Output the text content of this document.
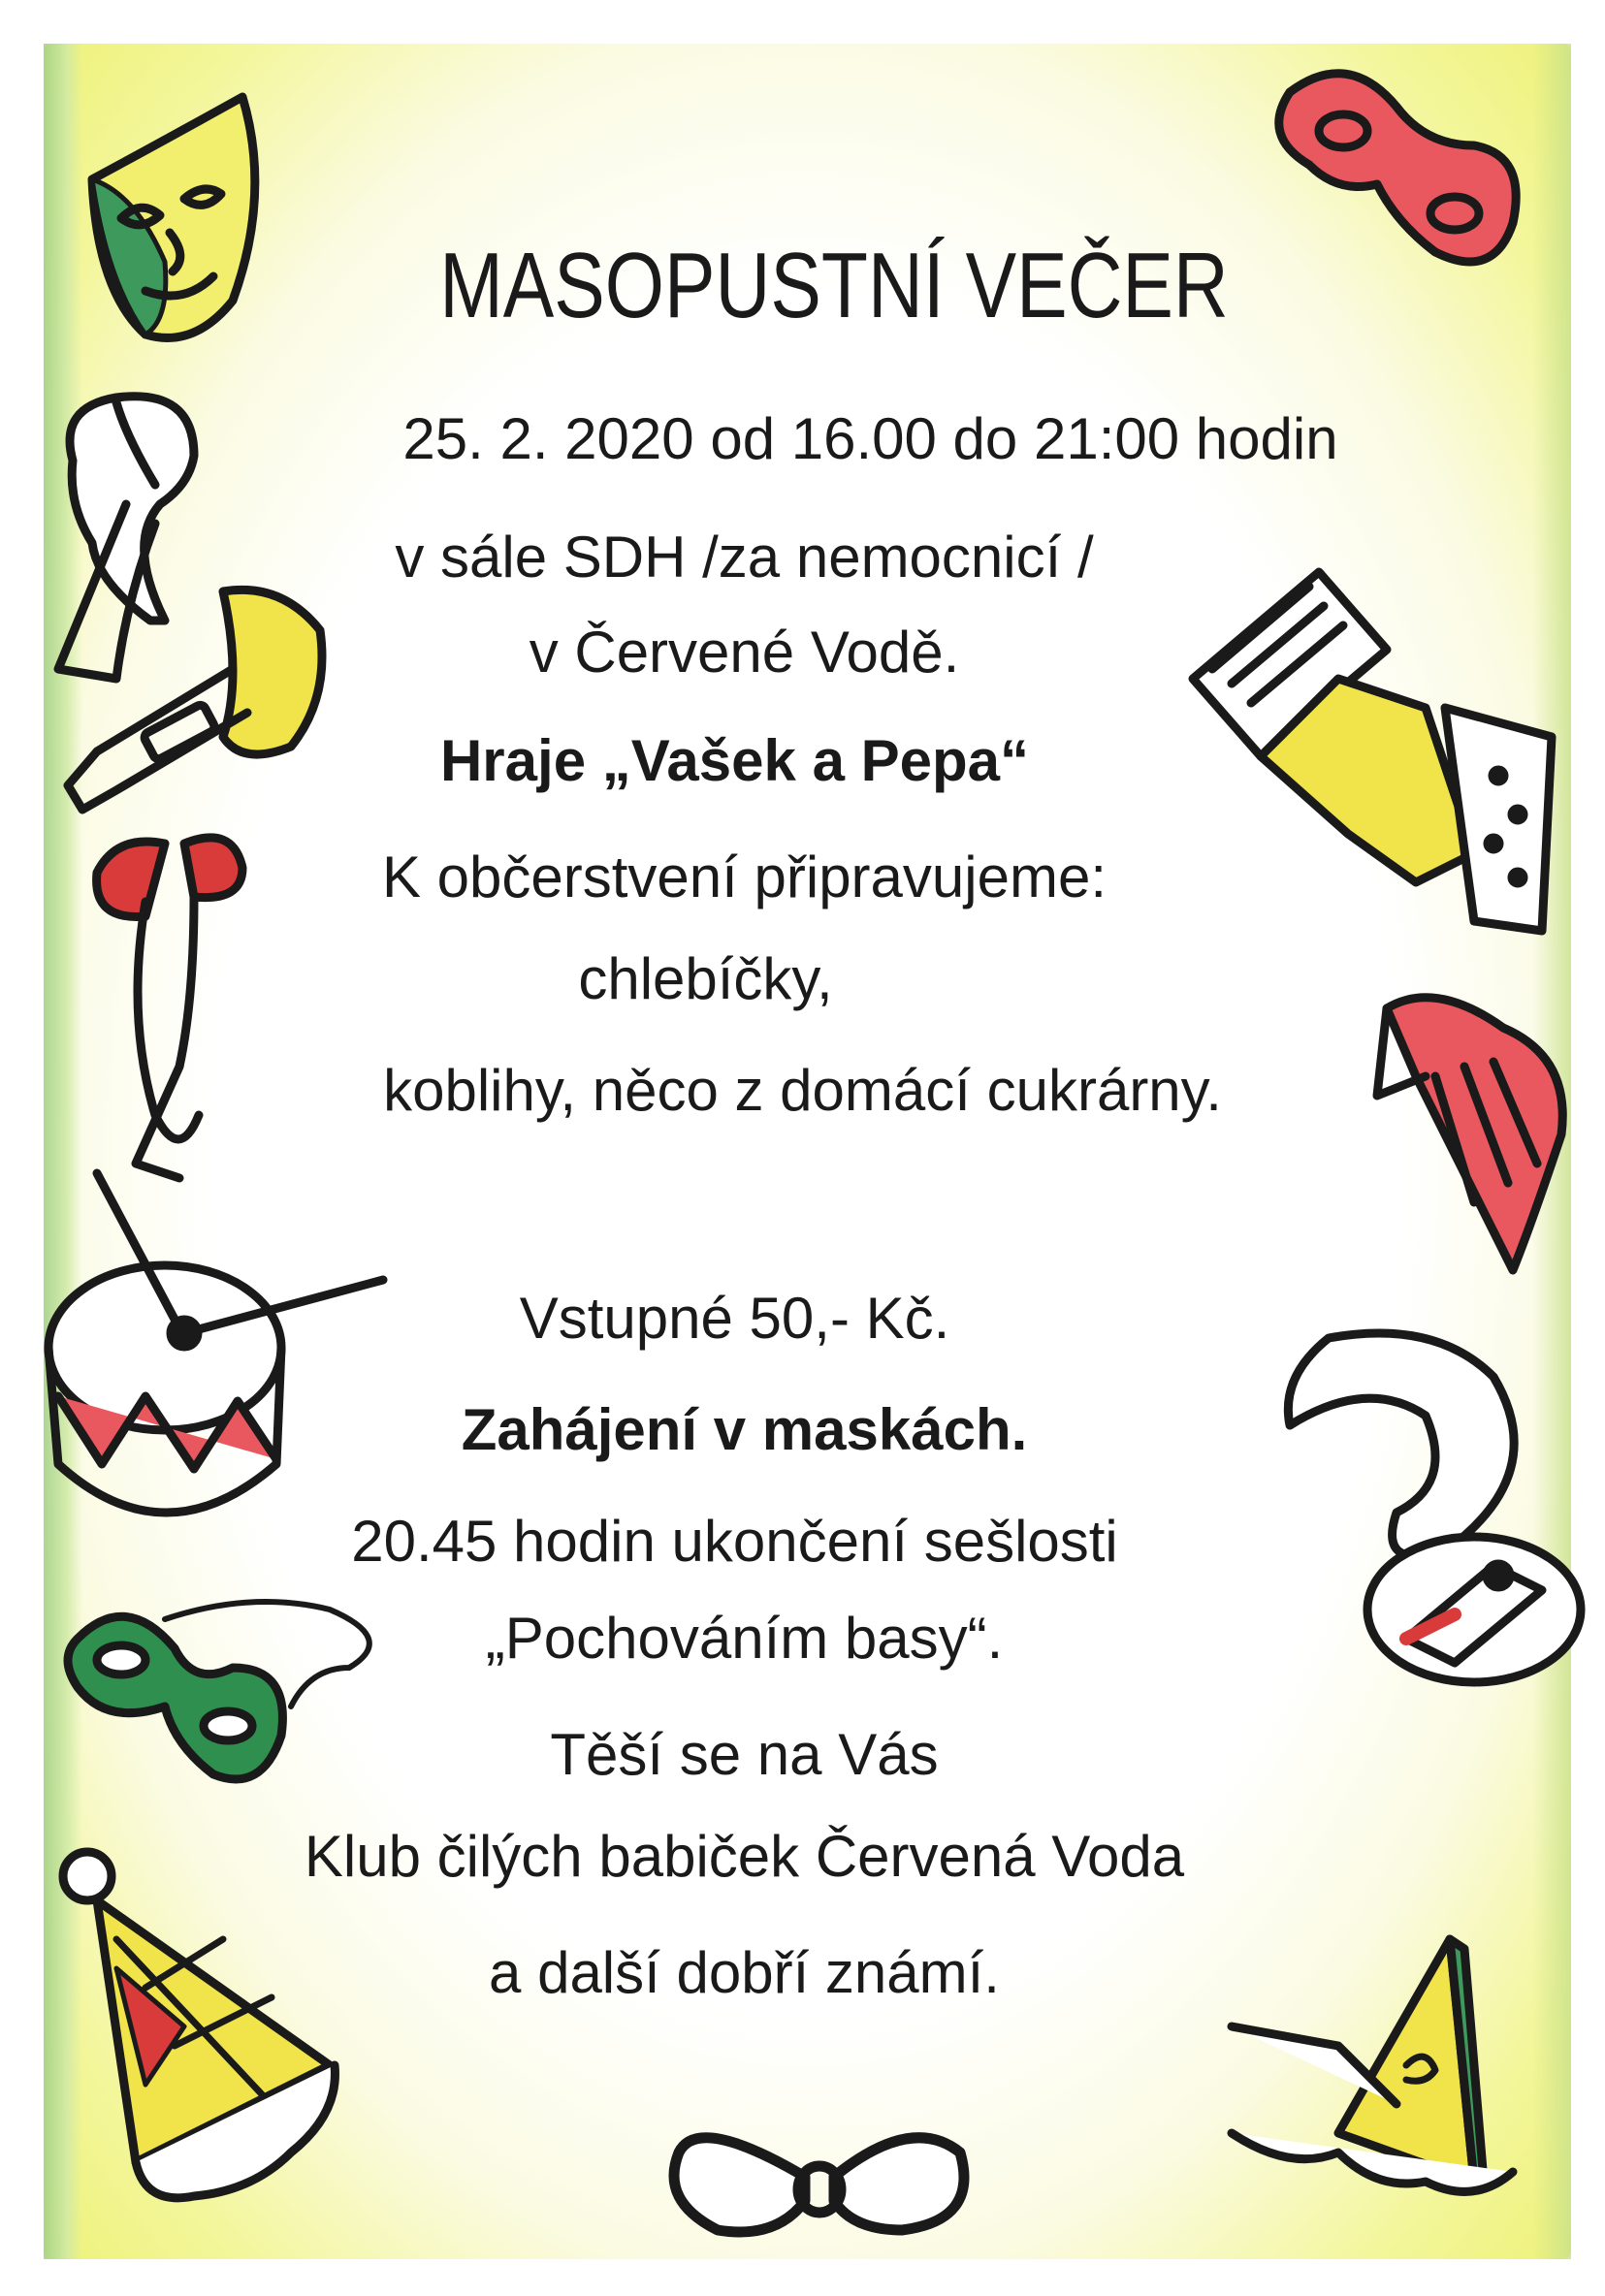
MASOPUSTNÍ VEČER

25. 2. 2020 od 16.00 do 21:00 hodin

v sále SDH /za nemocnicí /

v Červené Vodě.

Hraje „Vašek a Pepa“

K občerstvení připravujeme:

chlebíčky,

koblihy, něco z domácí cukrárny.

Vstupné 50,- Kč.

Zahájení v maskách.

20.45 hodin ukončení sešlosti

„Pochováním basy“.

Těší se na Vás

Klub čilých babiček Červená Voda

a další dobří známí.
